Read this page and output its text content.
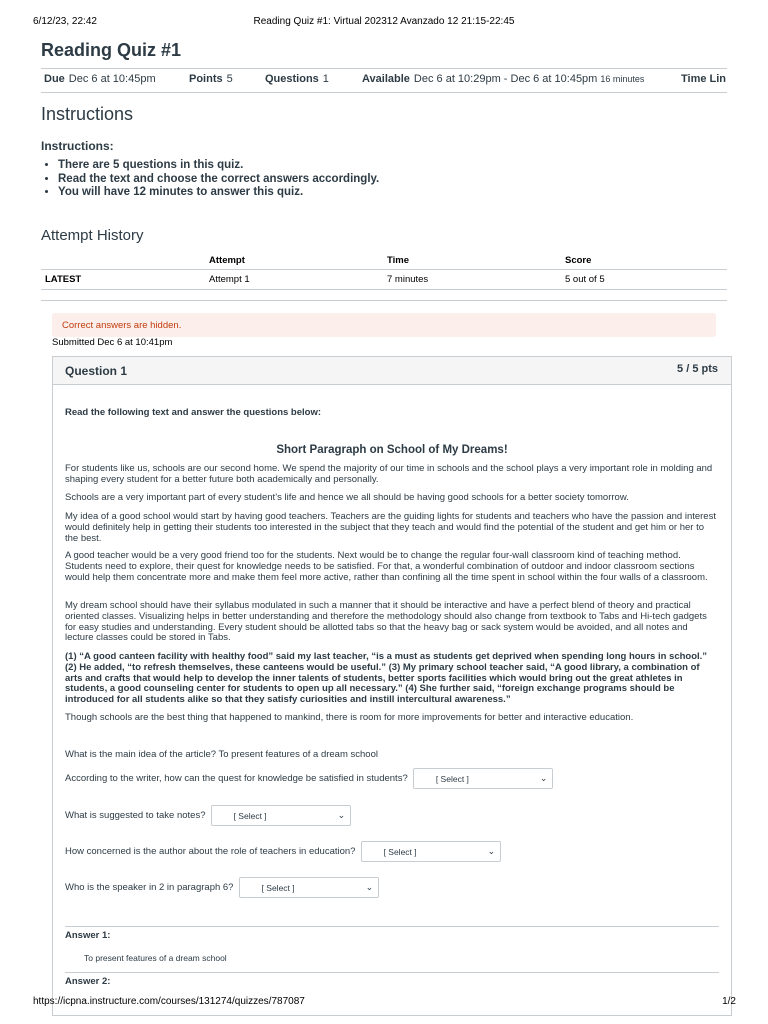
6/12/23, 22:42	Reading Quiz #1: Virtual 202312 Avanzado 12 21:15-22:45
Reading Quiz #1
Due Dec 6 at 10:45pm	Points 5	Questions 1	Available Dec 6 at 10:29pm - Dec 6 at 10:45pm 16 minutes	Time Lin
Instructions
Instructions:
• There are 5 questions in this quiz.
• Read the text and choose the correct answers accordingly.
• You will have 12 minutes to answer this quiz.
Attempt History
	Attempt	Time	Score
LATEST	Attempt 1	7 minutes	5 out of 5
Correct answers are hidden.
Submitted Dec 6 at 10:41pm
Question 1	5 / 5 pts
Read the following text and answer the questions below:
Short Paragraph on School of My Dreams!

For students like us, schools are our second home. We spend the majority of our time in schools and the school plays a very important role in molding and shaping every student for a better future both academically and personally.

Schools are a very important part of every student’s life and hence we all should be having good schools for a better society tomorrow.

My idea of a good school would start by having good teachers. Teachers are the guiding lights for students and teachers who have the passion and interest would definitely help in getting their students too interested in the subject that they teach and would find the potential of the student and get him or her to the best.

A good teacher would be a very good friend too for the students. Next would be to change the regular four-wall classroom kind of teaching method. Students need to explore, their quest for knowledge needs to be satisfied. For that, a wonderful combination of outdoor and indoor classroom sections would help them concentrate more and make them feel more active, rather than confining all the time spent in school within the four walls of a classroom.

My dream school should have their syllabus modulated in such a manner that it should be interactive and have a perfect blend of theory and practical oriented classes. Visualizing helps in better understanding and therefore the methodology should also change from textbook to Tabs and Hi-tech gadgets for easy studies and understanding. Every student should be allotted tabs so that the heavy bag or sack system would be avoided, and all notes and lecture classes could be stored in Tabs.

(1) “A good canteen facility with healthy food” said my last teacher, “is a must as students get deprived when spending long hours in school.” (2) He added, “to refresh themselves, these canteens would be useful.” (3) My primary school teacher said, “A good library, a combination of arts and crafts that would help to develop the inner talents of students, better sports facilities which would bring out the great athletes in students, a good counseling center for students to open up all necessary.” (4) She further said, “foreign exchange programs should be introduced for all students alike so that they satisfy curiosities and instill intercultural awareness.”

Though schools are the best thing that happened to mankind, there is room for more improvements for better and interactive education.

What is the main idea of the article? To present features of a dream school
According to the writer, how can the quest for knowledge be satisfied in students?	[ Select ]	⌄
What is suggested to take notes?	[ Select ]	⌄
How concerned is the author about the role of teachers in education?	[ Select ]	⌄
Who is the speaker in 2 in paragraph 6?	[ Select ]	⌄
Answer 1:
To present features of a dream school
Answer 2:
https://icpna.instructure.com/courses/131274/quizzes/787087	1/2
